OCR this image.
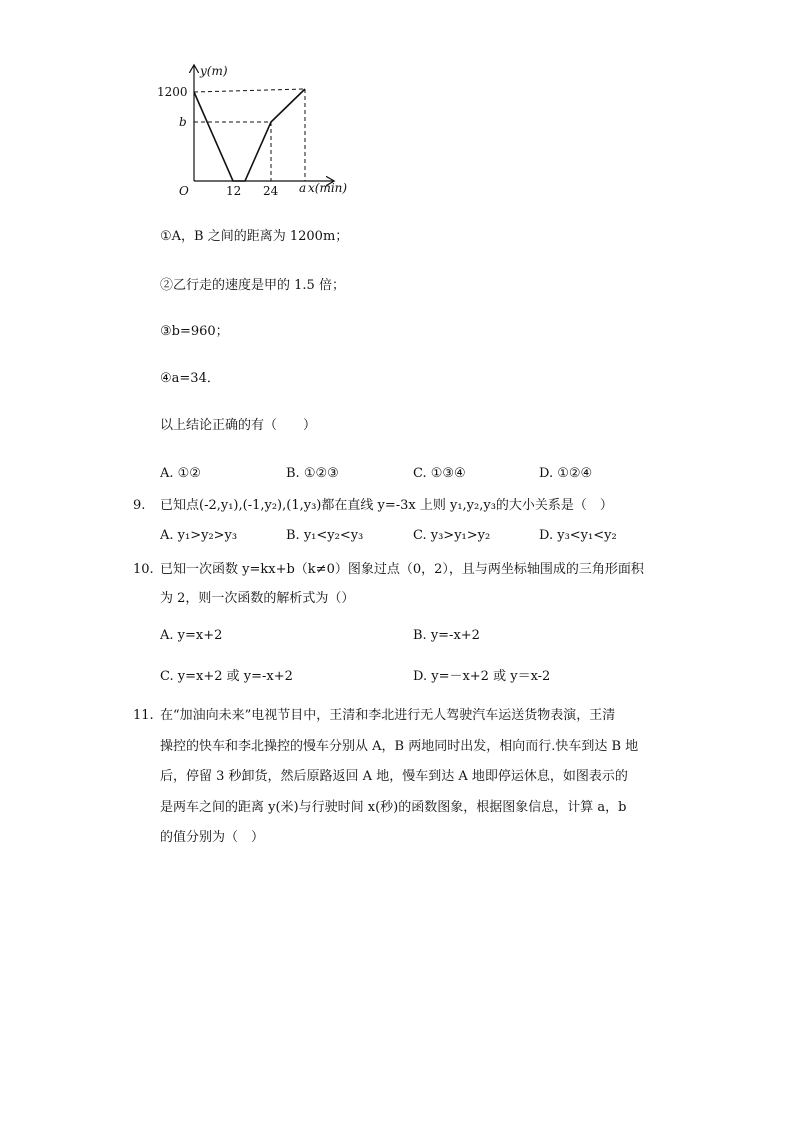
y(m)
1200
b
O	12 24 a x(min)
①A，B 之间的距离为 1200m；
②乙行走的速度是甲的 1.5 倍；
③b=960；
④a=34．
以上结论正确的有（　　）
A. ①②	B. ①②③	C. ①③④	D. ①②④
9. 已知点(-2,y₁),(-1,y₂),(1,y₃)都在直线 y=-3x 上则 y₁,y₂,y₃的大小关系是（　）
A. y₁>y₂>y₃	B. y₁<y₂<y₃	C. y₃>y₁>y₂	D. y₃<y₁<y₂
10. 已知一次函数 y=kx+b（k≠0）图象过点（0，2），且与两坐标轴围成的三角形面积
为 2，则一次函数的解析式为（）
A. y=x+2	B. y=-x+2
C. y=x+2 或 y=-x+2	D. y=－x+2 或 y＝x-2
11. 在“加油向未来”电视节目中，王清和李北进行无人驾驶汽车运送货物表演，王清
操控的快车和李北操控的慢车分别从 A，B 两地同时出发，相向而行.快车到达 B 地
后，停留 3 秒卸货，然后原路返回 A 地，慢车到达 A 地即停运休息，如图表示的
是两车之间的距离 y(米)与行驶时间 x(秒)的函数图象，根据图象信息，计算 a，b
的值分别为（　）
